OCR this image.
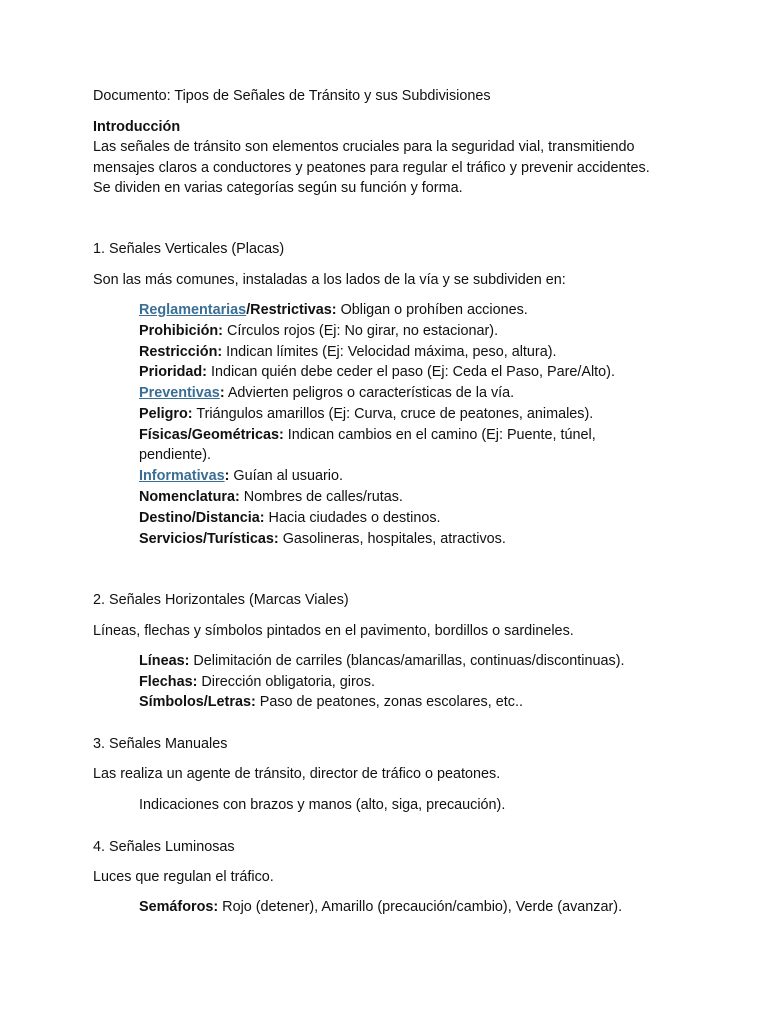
Documento: Tipos de Señales de Tránsito y sus Subdivisiones
Introducción
Las señales de tránsito son elementos cruciales para la seguridad vial, transmitiendo
mensajes claros a conductores y peatones para regular el tráfico y prevenir accidentes.
Se dividen en varias categorías según su función y forma.
1. Señales Verticales (Placas)
Son las más comunes, instaladas a los lados de la vía y se subdividen en:
Reglamentarias/Restrictivas: Obligan o prohíben acciones.
Prohibición: Círculos rojos (Ej: No girar, no estacionar).
Restricción: Indican límites (Ej: Velocidad máxima, peso, altura).
Prioridad: Indican quién debe ceder el paso (Ej: Ceda el Paso, Pare/Alto).
Preventivas: Advierten peligros o características de la vía.
Peligro: Triángulos amarillos (Ej: Curva, cruce de peatones, animales).
Físicas/Geométricas: Indican cambios en el camino (Ej: Puente, túnel,
pendiente).
Informativas: Guían al usuario.
Nomenclatura: Nombres de calles/rutas.
Destino/Distancia: Hacia ciudades o destinos.
Servicios/Turísticas: Gasolineras, hospitales, atractivos.
2. Señales Horizontales (Marcas Viales)
Líneas, flechas y símbolos pintados en el pavimento, bordillos o sardineles.
Líneas: Delimitación de carriles (blancas/amarillas, continuas/discontinuas).
Flechas: Dirección obligatoria, giros.
Símbolos/Letras: Paso de peatones, zonas escolares, etc..
3. Señales Manuales
Las realiza un agente de tránsito, director de tráfico o peatones.
Indicaciones con brazos y manos (alto, siga, precaución).
4. Señales Luminosas
Luces que regulan el tráfico.
Semáforos: Rojo (detener), Amarillo (precaución/cambio), Verde (avanzar).
